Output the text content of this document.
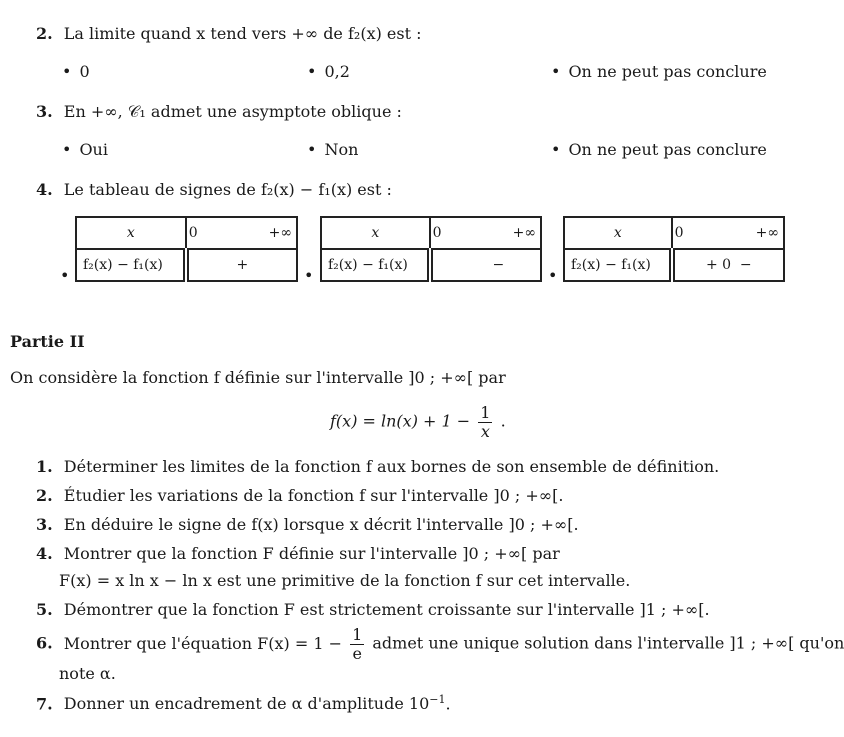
2. La limite quand x tend vers +∞ de f₂(x) est :
• 0	• 0,2	• On ne peut pas conclure
3. En +∞, 𝒞₁ admet une asymptote oblique :
• Oui	• Non	• On ne peut pas conclure
4. Le tableau de signes de f₂(x) − f₁(x) est :
•	•	•
x	0 +∞

f₂(x) − f₁(x)	+
x	0 +∞

f₂(x) − f₁(x)	−
x	0 +∞

f₂(x) − f₁(x)	+ 0  −
Partie II
On considère la fonction f définie sur l'intervalle ]0 ; +∞[ par
$f(x) = \ln(x) + 1 - \frac{1}{x}$ .
1. Déterminer les limites de la fonction f aux bornes de son ensemble de définition.
2. Étudier les variations de la fonction f sur l'intervalle ]0 ; +∞[.
3. En déduire le signe de f(x) lorsque x décrit l'intervalle ]0 ; +∞[.
4. Montrer que la fonction F définie sur l'intervalle ]0 ; +∞[ par
F(x) = x ln x − ln x est une primitive de la fonction f sur cet intervalle.
5. Démontrer que la fonction F est strictement croissante sur l'intervalle ]1 ; +∞[.
6. Montrer que l'équation $F(x) = 1 - \frac{1}{e}$ admet une unique solution dans l'intervalle ]1 ; +∞[ qu'on
note α.
7. Donner un encadrement de α d'amplitude $10^{-1}$.
